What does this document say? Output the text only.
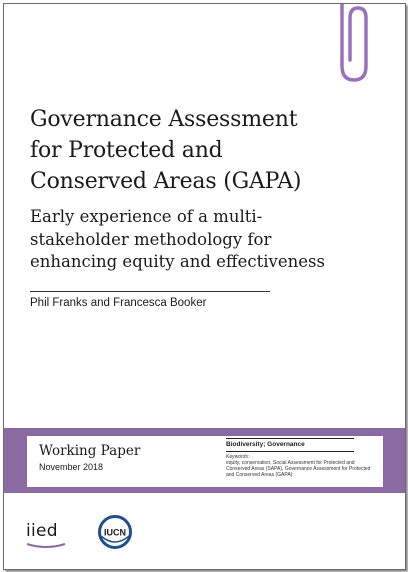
Governance Assessment
for Protected and
Conserved Areas (GAPA)
Early experience of a multi-
stakeholder methodology for
enhancing equity and effectiveness
Phil Franks and Francesca Booker
Working Paper
November 2018
Biodiversity; Governance
Keywords:
equity, conservation, Social Assessment for Protected and Conserved Areas (SAPA), Governance Assessment for Protected and Conserved Areas (GAPA)
iied	IUCN
